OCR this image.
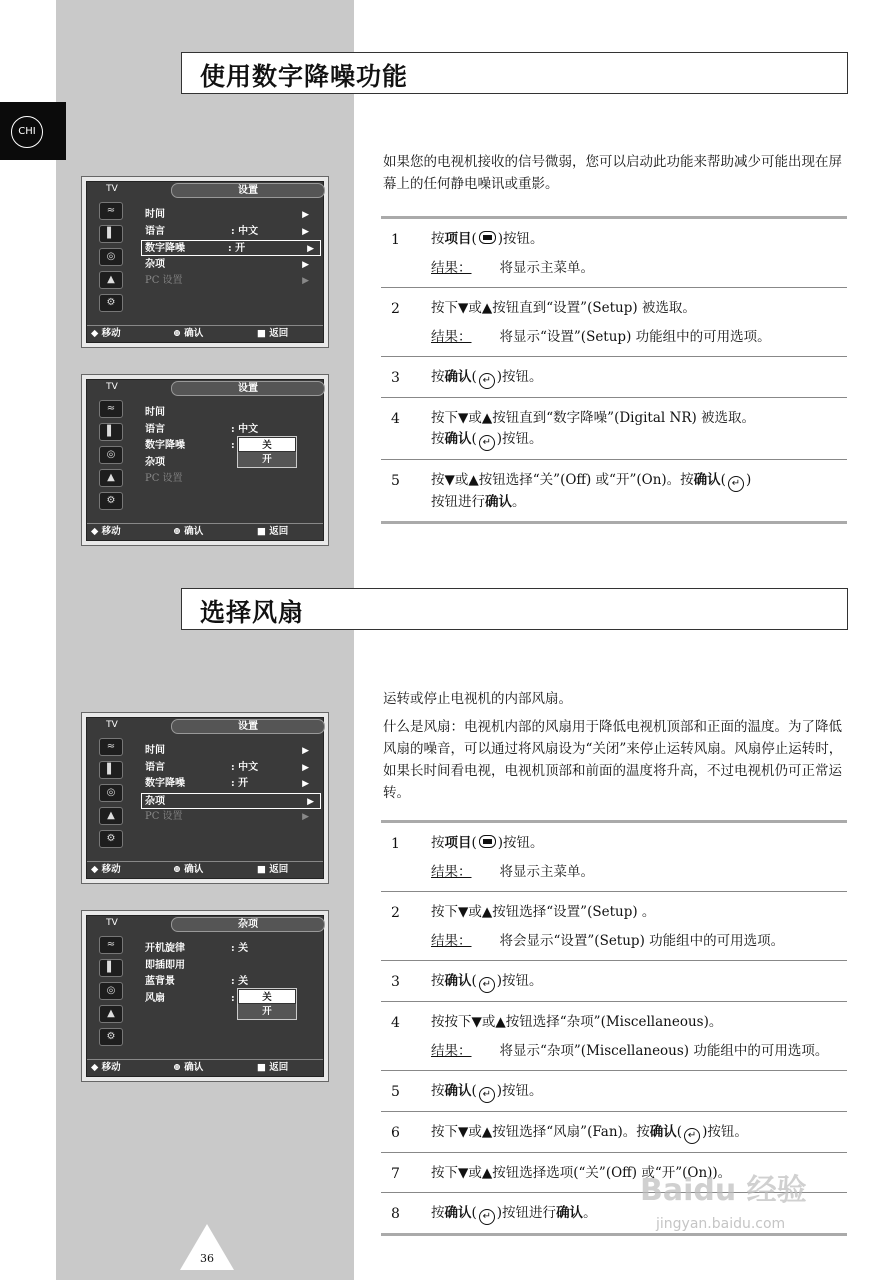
CHI
使用数字降噪功能

如果您的电视机接收的信号微弱，您可以启动此功能来帮助减少可能出现在屏幕上的任何静电噪讯或重影。

1 按项目( )按钮。
结果： 将显示主菜单。
2 按下▼或▲按钮直到“设置”(Setup) 被选取。
结果： 将显示“设置”(Setup) 功能组中的可用选项。
3 按确认( ↵ )按钮。
4 按下▼或▲按钮直到“数字降噪”(Digital NR) 被选取。
按确认( ↵ )按钮。
5 按▼或▲按钮选择“关”(Off) 或“开”(On)。按确认( ↵ )
按钮进行确认。
选择风扇

运转或停止电视机的内部风扇。

什么是风扇：电视机内部的风扇用于降低电视机顶部和正面的温度。为了降低风扇的噪音，可以通过将风扇设为“关闭”来停止运转风扇。风扇停止运转时，如果长时间看电视，电视机顶部和前面的温度将升高，不过电视机仍可正常运转。

1 按项目( )按钮。
结果： 将显示主菜单。
2 按下▼或▲按钮选择“设置”(Setup) 。
结果： 将会显示“设置”(Setup) 功能组中的可用选项。
3 按确认( ↵ )按钮。
4 按按下▼或▲按钮选择“杂项”(Miscellaneous)。
结果： 将显示“杂项”(Miscellaneous) 功能组中的可用选项。
5 按确认( ↵ )按钮。
6 按下▼或▲按钮选择“风扇”(Fan)。按确认( ↵ )按钮。
7 按下▼或▲按钮选择选项(“关”(Off) 或“开”(On))。
8 按确认( ↵ )按钮进行确认。
TV	设置
≈
▌
◎
▲
⚙
时间	▶
语言	: 中文	▶
数字降噪	: 开	▶
杂项	▶
PC 设置	▶
◆ 移动	⊕ 确认	■ 返回
TV	设置
≈
▌
◎
▲
⚙
时间
语言	: 中文
数字降噪	:
杂项
PC 设置
关
开
◆ 移动	⊕ 确认	■ 返回
TV	设置
≈
▌
◎
▲
⚙
时间	▶
语言	: 中文	▶
数字降噪	: 开	▶
杂项	▶
PC 设置	▶
◆ 移动	⊕ 确认	■ 返回
TV	杂项
≈
▌
◎
▲
⚙
开机旋律	: 关
即插即用
蓝背景	: 关
风扇	:	关
开
◆ 移动	⊕ 确认	■ 返回
36
Baidu 经验
jingyan.baidu.com
